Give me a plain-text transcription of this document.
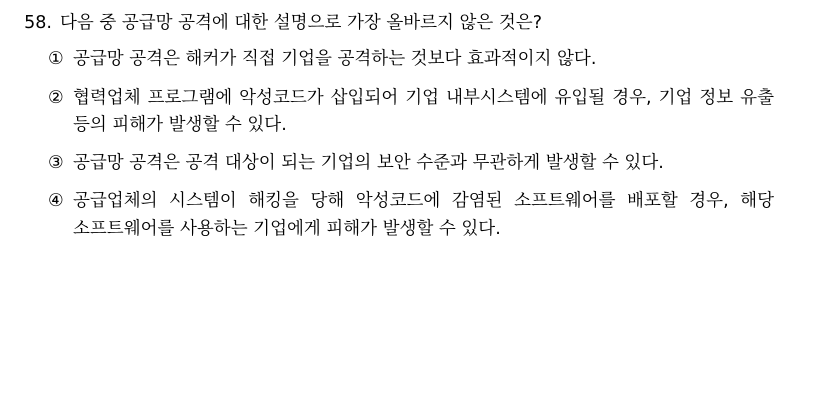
58. 다음 중 공급망 공격에 대한 설명으로 가장 올바르지 않은 것은?
① 공급망 공격은 해커가 직접 기업을 공격하는 것보다 효과적이지 않다.
② 협력업체 프로그램에 악성코드가 삽입되어 기업 내부시스템에 유입될 경우, 기업 정보 유출 등의 피해가 발생할 수 있다.
③ 공급망 공격은 공격 대상이 되는 기업의 보안 수준과 무관하게 발생할 수 있다.
④ 공급업체의 시스템이 해킹을 당해 악성코드에 감염된 소프트웨어를 배포할 경우, 해당 소프트웨어를 사용하는 기업에게 피해가 발생할 수 있다.
